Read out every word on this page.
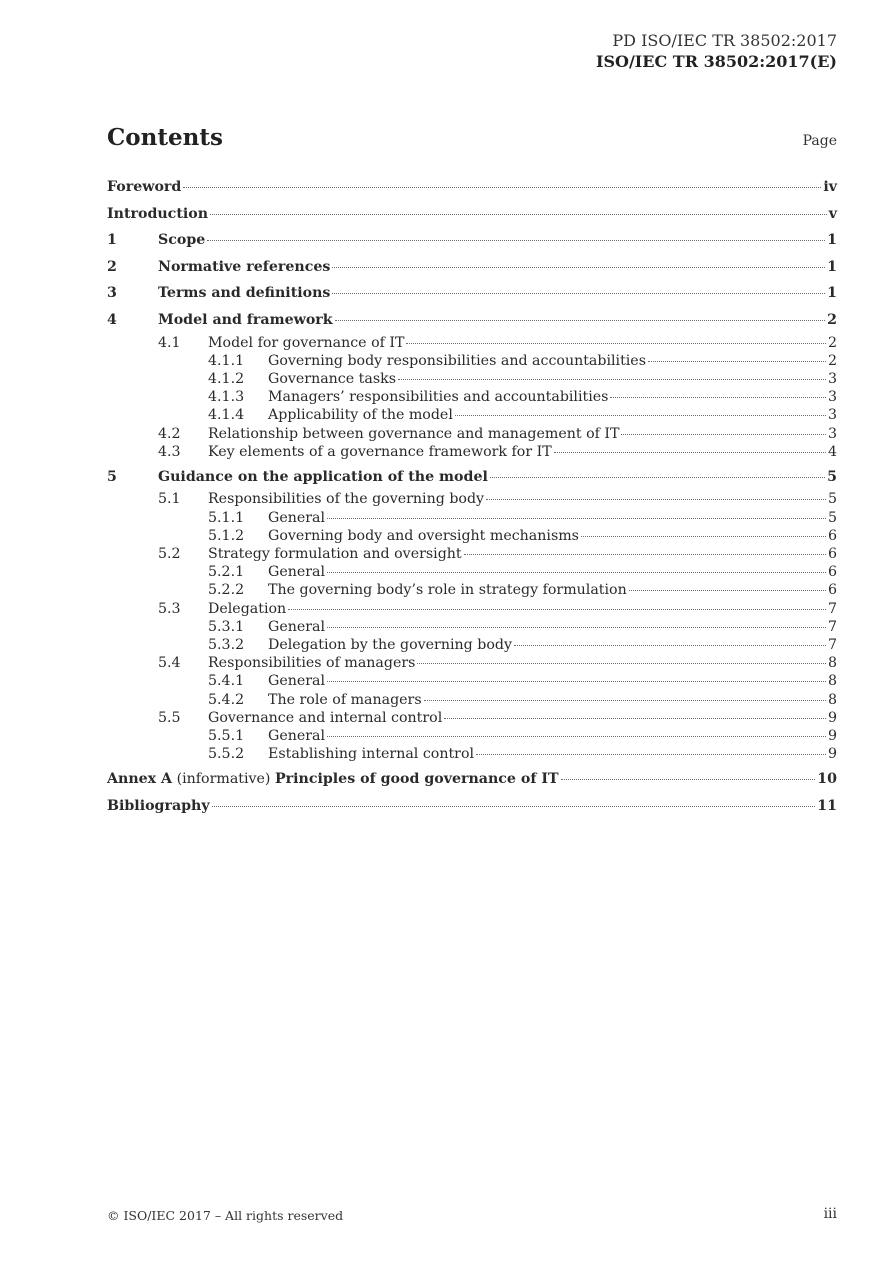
PD ISO/IEC TR 38502:2017
ISO/IEC TR 38502:2017(E)
Contents	Page
Foreword	iv
Introduction	v
1	Scope	1
2	Normative references	1
3	Terms and definitions	1
4	Model and framework	2
4.1	Model for governance of IT	2
4.1.1	Governing body responsibilities and accountabilities	2
4.1.2	Governance tasks	3
4.1.3	Managers’ responsibilities and accountabilities	3
4.1.4	Applicability of the model	3
4.2	Relationship between governance and management of IT	3
4.3	Key elements of a governance framework for IT	4
5	Guidance on the application of the model	5
5.1	Responsibilities of the governing body	5
5.1.1	General	5
5.1.2	Governing body and oversight mechanisms	6
5.2	Strategy formulation and oversight	6
5.2.1	General	6
5.2.2	The governing body’s role in strategy formulation	6
5.3	Delegation	7
5.3.1	General	7
5.3.2	Delegation by the governing body	7
5.4	Responsibilities of managers	8
5.4.1	General	8
5.4.2	The role of managers	8
5.5	Governance and internal control	9
5.5.1	General	9
5.5.2	Establishing internal control	9
Annex A (informative) Principles of good governance of IT	10
Bibliography	11
© ISO/IEC 2017 – All rights reserved	iii
